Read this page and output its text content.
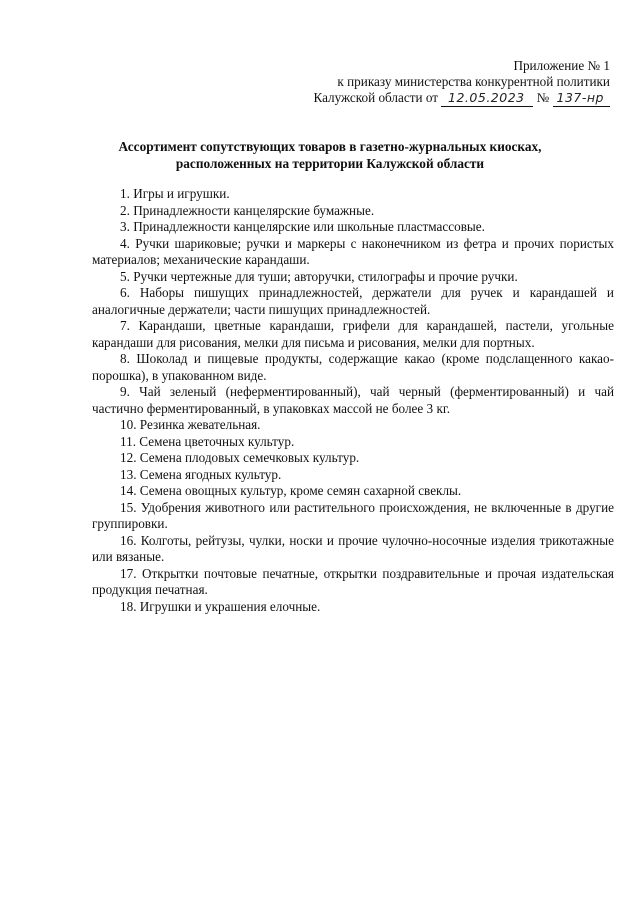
Приложение № 1
к приказу министерства конкурентной политики
Калужской области от 12.05.2023 № 137-нр
Ассортимент сопутствующих товаров в газетно-журнальных киосках,
расположенных на территории Калужской области

1. Игры и игрушки.

2. Принадлежности канцелярские бумажные.

3. Принадлежности канцелярские или школьные пластмассовые.

4. Ручки шариковые; ручки и маркеры с наконечником из фетра и прочих пористых материалов; механические карандаши.

5. Ручки чертежные для туши; авторучки, стилографы и прочие ручки.

6. Наборы пишущих принадлежностей, держатели для ручек и карандашей и аналогичные держатели; части пишущих принадлежностей.

7. Карандаши, цветные карандаши, грифели для карандашей, пастели, угольные карандаши для рисования, мелки для письма и рисования, мелки для портных.

8. Шоколад и пищевые продукты, содержащие какао (кроме подслащенного какао-порошка), в упакованном виде.

9. Чай зеленый (неферментированный), чай черный (ферментированный) и чай частично ферментированный, в упаковках массой не более 3 кг.

10. Резинка жевательная.

11. Семена цветочных культур.

12. Семена плодовых семечковых культур.

13. Семена ягодных культур.

14. Семена овощных культур, кроме семян сахарной свеклы.

15. Удобрения животного или растительного происхождения, не включенные в другие группировки.

16. Колготы, рейтузы, чулки, носки и прочие чулочно-носочные изделия трикотажные или вязаные.

17. Открытки почтовые печатные, открытки поздравительные и прочая издательская продукция печатная.

18. Игрушки и украшения елочные.
